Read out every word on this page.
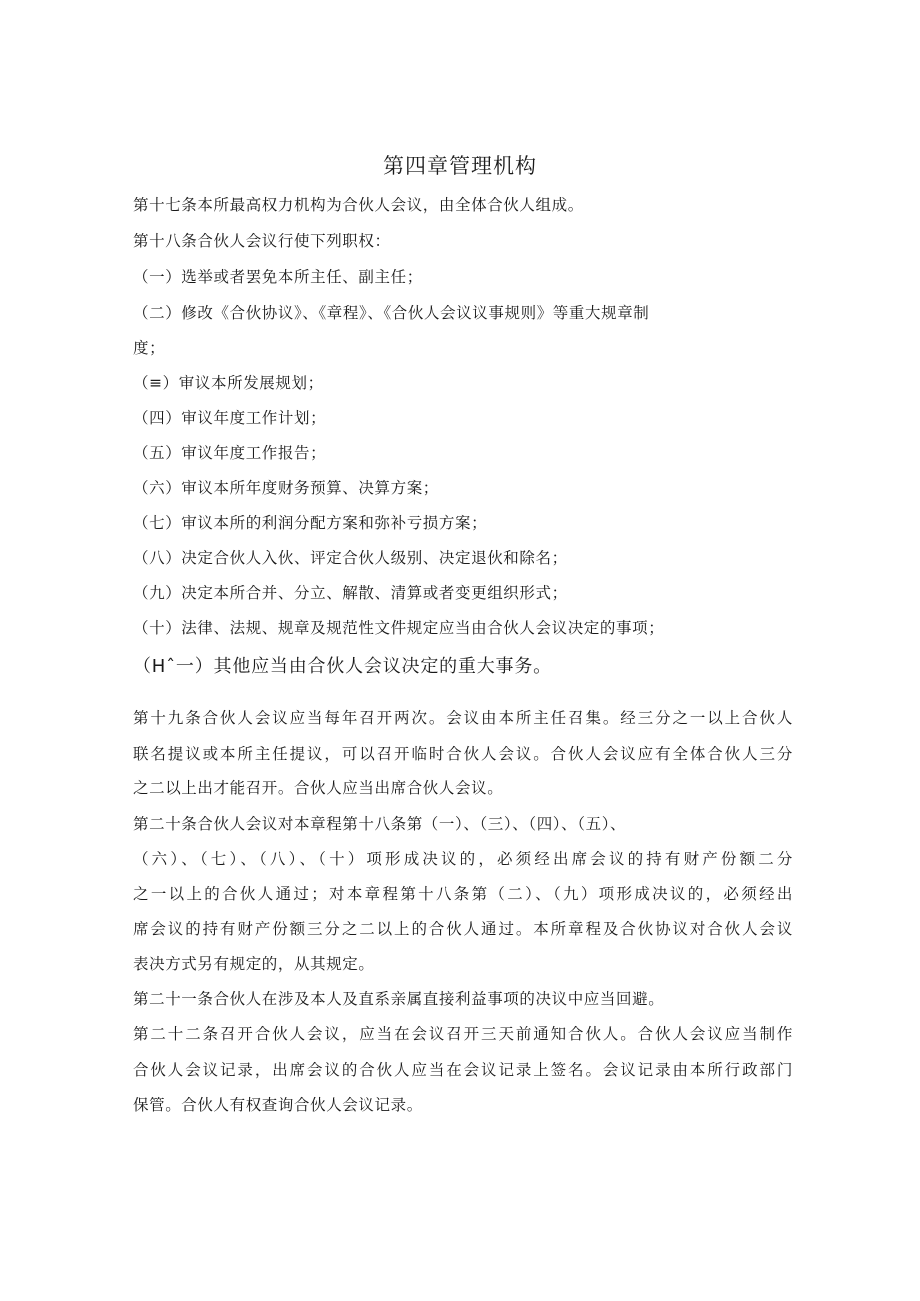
第四章管理机构
第十七条本所最高权力机构为合伙人会议，由全体合伙人组成。
第十八条合伙人会议行使下列职权：
（一）选举或者罢免本所主任、副主任；
（二）修改《合伙协议》、《章程》、《合伙人会议议事规则》等重大规章制
度；
（≡）审议本所发展规划；
（四）审议年度工作计划；
（五）审议年度工作报告；
（六）审议本所年度财务预算、决算方案；
（七）审议本所的利润分配方案和弥补亏损方案；
（八）决定合伙人入伙、评定合伙人级别、决定退伙和除名；
（九）决定本所合并、分立、解散、清算或者变更组织形式；
（十）法律、法规、规章及规范性文件规定应当由合伙人会议决定的事项；
（Hˆ一）其他应当由合伙人会议决定的重大事务。
第十九条合伙人会议应当每年召开两次。会议由本所主任召集。经三分之一以上合伙人
联名提议或本所主任提议，可以召开临时合伙人会议。合伙人会议应有全体合伙人三分
之二以上出才能召开。合伙人应当出席合伙人会议。
第二十条合伙人会议对本章程第十八条第（一）、（三）、（四）、（五）、
（六）、（七）、（八）、（十）项形成决议的，必须经出席会议的持有财产份额二分
之一以上的合伙人通过；对本章程第十八条第（二）、（九）项形成决议的，必须经出
席会议的持有财产份额三分之二以上的合伙人通过。本所章程及合伙协议对合伙人会议
表决方式另有规定的，从其规定。
第二十一条合伙人在涉及本人及直系亲属直接利益事项的决议中应当回避。
第二十二条召开合伙人会议，应当在会议召开三天前通知合伙人。合伙人会议应当制作
合伙人会议记录，出席会议的合伙人应当在会议记录上签名。会议记录由本所行政部门
保管。合伙人有权查询合伙人会议记录。
